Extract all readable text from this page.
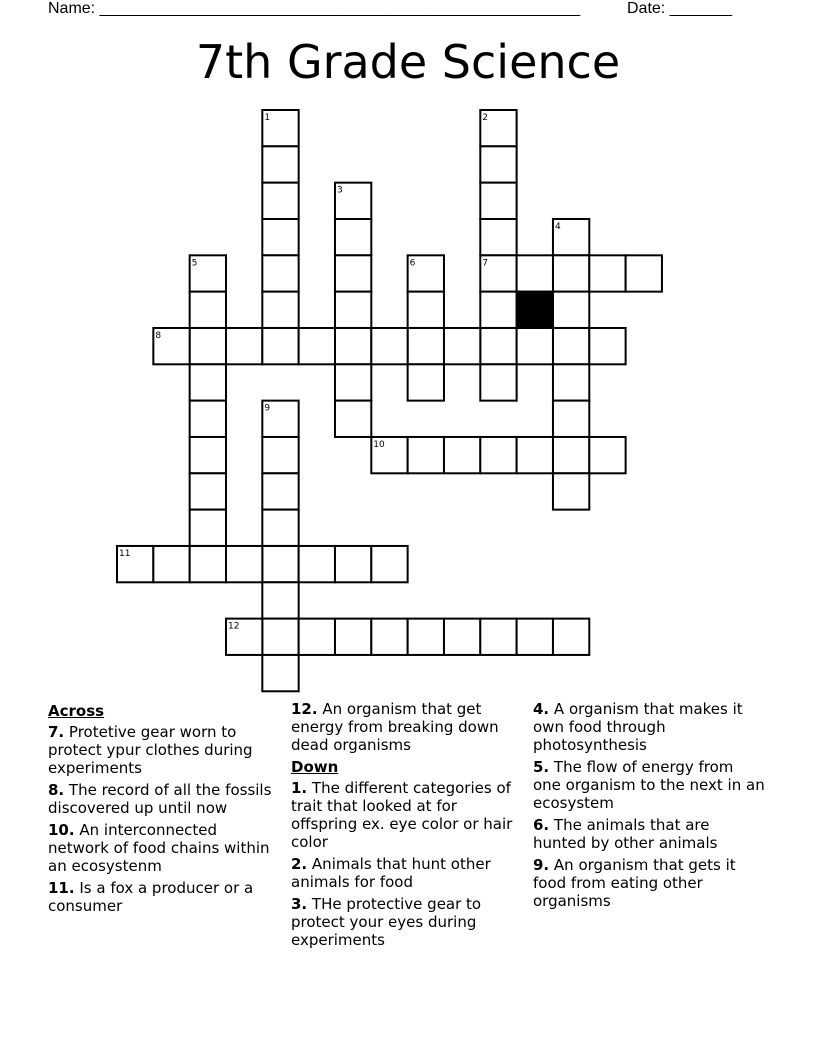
Name: ______________________________________________________	Date: _______
7th Grade Science
1	2
3
4
5	6	7
8
9
10
11
12
Across
7. Protetive gear worn to protect ypur clothes during experiments
8. The record of all the fossils discovered up until now
10. An interconnected network of food chains within an ecosystenm
11. Is a fox a producer or a consumer
12. An organism that get energy from breaking down dead organisms
Down
1. The different categories of trait that looked at for offspring ex. eye color or hair color
2. Animals that hunt other animals for food
3. THe protective gear to protect your eyes during experiments
4. A organism that makes it own food through photosynthesis
5. The flow of energy from one organism to the next in an ecosystem
6. The animals that are hunted by other animals
9. An organism that gets it food from eating other organisms
